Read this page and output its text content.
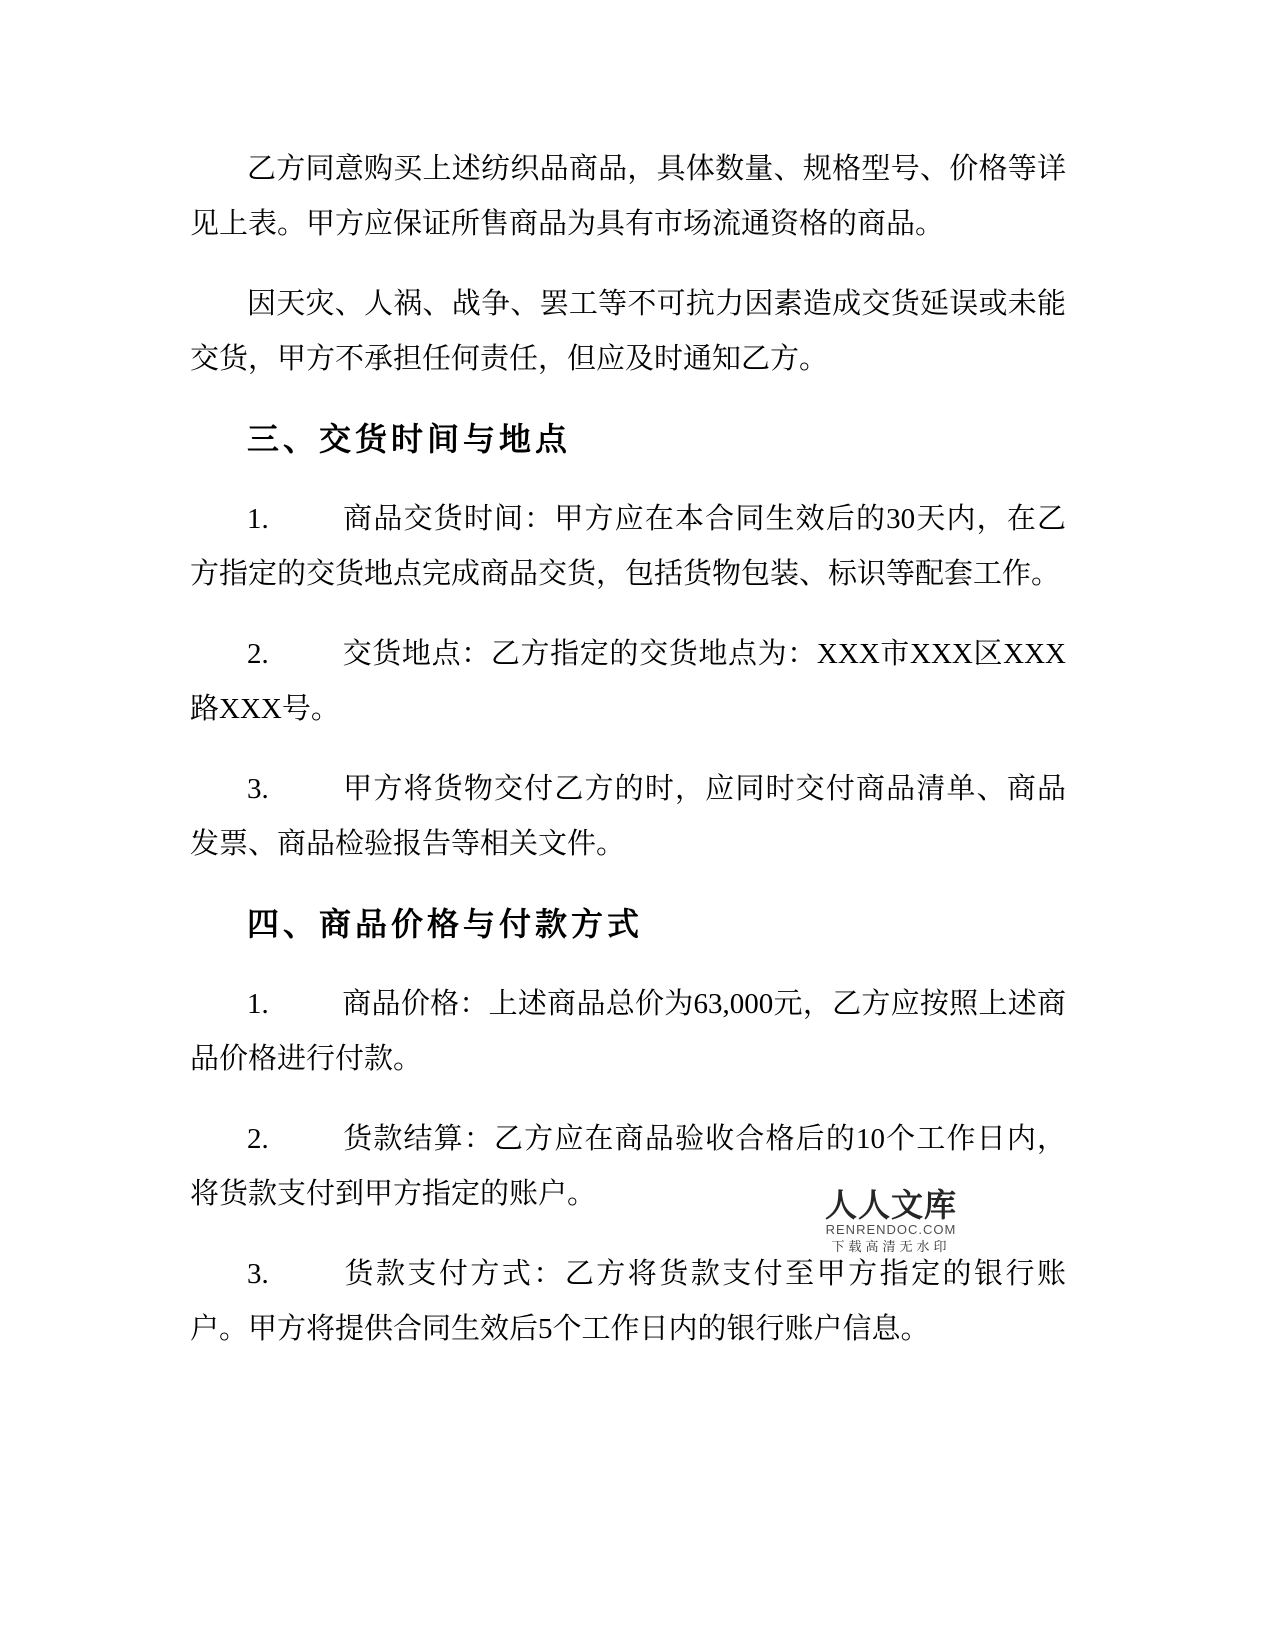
乙方同意购买上述纺织品商品，具体数量、规格型号、价格等详见上表。甲方应保证所售商品为具有市场流通资格的商品。

因天灾、人祸、战争、罢工等不可抗力因素造成交货延误或未能交货，甲方不承担任何责任，但应及时通知乙方。

三、交货时间与地点

1.	商品交货时间：甲方应在本合同生效后的30天内，在乙方指定的交货地点完成商品交货，包括货物包装、标识等配套工作。

2.	交货地点：乙方指定的交货地点为：XXX市XXX区XXX路XXX号。

3.	甲方将货物交付乙方的时，应同时交付商品清单、商品发票、商品检验报告等相关文件。

四、商品价格与付款方式

1.	商品价格：上述商品总价为63,000元，乙方应按照上述商品价格进行付款。

2.	货款结算：乙方应在商品验收合格后的10个工作日内，将货款支付到甲方指定的账户。

3.	货款支付方式：乙方将货款支付至甲方指定的银行账户。甲方将提供合同生效后5个工作日内的银行账户信息。

人人文库
RENRENDOC.COM
下载高清无水印
